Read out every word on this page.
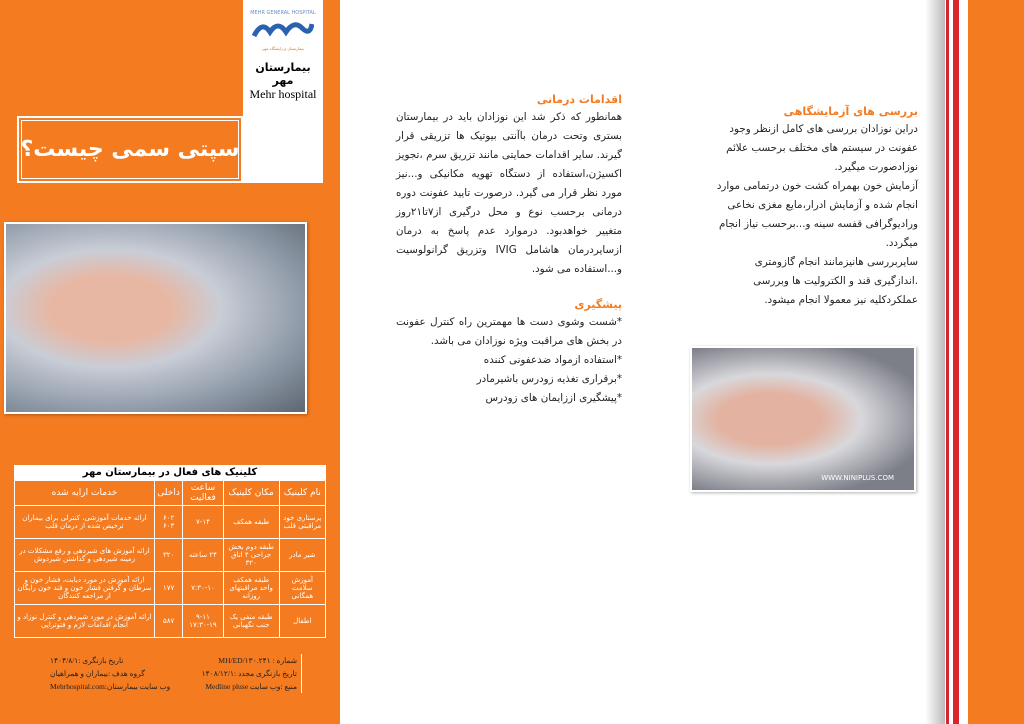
MEHR GENERAL HOSPITAL
بیمارستان و زایشگاه مهر
بیمارستان مهر
Mehr hospital
سپتی سمی چیست؟
کلینیک های فعال در بیمارستان مهر
نام کلینیک	مکان کلینیک	ساعت فعالیت	داخلی	خدمات ارایه شده
پرستاری خود مراقبتی قلب	طبقه همکف	۷-۱۴	۶۰۲ ۶۰۳	ارائه خدمات آموزشی، کنترلی برای بیماران ترخیص شده از درمان قلب
شیر مادر	طبقه دوم بخش جراحی ۴ اتاق ۳۲۰	۲۴ ساعته	۳۲۰	ارائه آموزش های شیردهی و رفع مشکلات در زمینه شیردهی و گذاشتن شیردوش
آموزش سلامت همگانی	طبقه همکف واحد مراقبتهای روزانه	۷:۳۰-۱۰	۱۷۷	ارائه آموزش در مورد دیابت، فشار خون و سرطان و گرفتن فشار خون و قند خون رایگان از مراجعه کنندگان
اطفال	طبقه منفی یک جنب نگهبانی	۹-۱۱ ۱۷:۳۰-۱۹	۵۸۷	ارائه آموزش در مورد شیردهی و کنترل نوزاد و انجام اقدامات لازم و فتوتراپی
شماره : MH/ED/۱۳۰.۲۴۱
تاریخ بازنگری :۱۴۰۴/۸/۱
تاریخ بازنگری مجدد :۱۴۰۸/۱۲/۱
گروه هدف :بیماران و همراهیان
منبع :وب سایت Medline pluse
وب سایت بیمارستان:Mehrhospital.com
اقدامات درمانی

همانطور که ذکر شد این نوزادان باید در بیمارستان بستری وتحت درمان باآنتی بیوتیک ها تزریقی قرار گیرند. سایر اقدامات حمایتی مانند تزریق سرم ،تجویز اکسیژن،استفاده از دستگاه تهویه مکانیکی و...نیز مورد نظر قرار می گیرد. درصورت تایید عفونت دوره درمانی برحسب نوع و محل درگیری از۷تا۲۱روز متغییر خواهدبود. درموارد عدم پاسخ به درمان ازسایردرمان هاشامل IVIG وتزریق گرانولوسیت و...استفاده می شود.

پیشگیری

*شست وشوی دست ها مهمترین راه کنترل عفونت در بخش های مراقبت ویژه نوزادان می باشد.

*استفاده ازمواد ضدعفونی کننده

*برقراری تغذیه زودرس باشیرمادر

*پیشگیری اززایمان های زودرس

بررسی های آزمایشگاهی

دراین نوزادان بررسی های کامل ازنظر وجود عفونت در سیستم های مختلف برحسب علائم نوزادصورت میگیرد.

آزمایش خون بهمراه کشت خون درتمامی موارد انجام شده و آزمایش ادرار،مایع مغزی نخاعی ورادیوگرافی قفسه سینه و...برحسب نیاز انجام میگردد.

سایربررسی هانیزمانند انجام گازومتری .اندازگیری قند و الکترولیت ها وبررسی عملکردکلیه نیز معمولا انجام میشود.

WWW.NINIPLUS.COM
